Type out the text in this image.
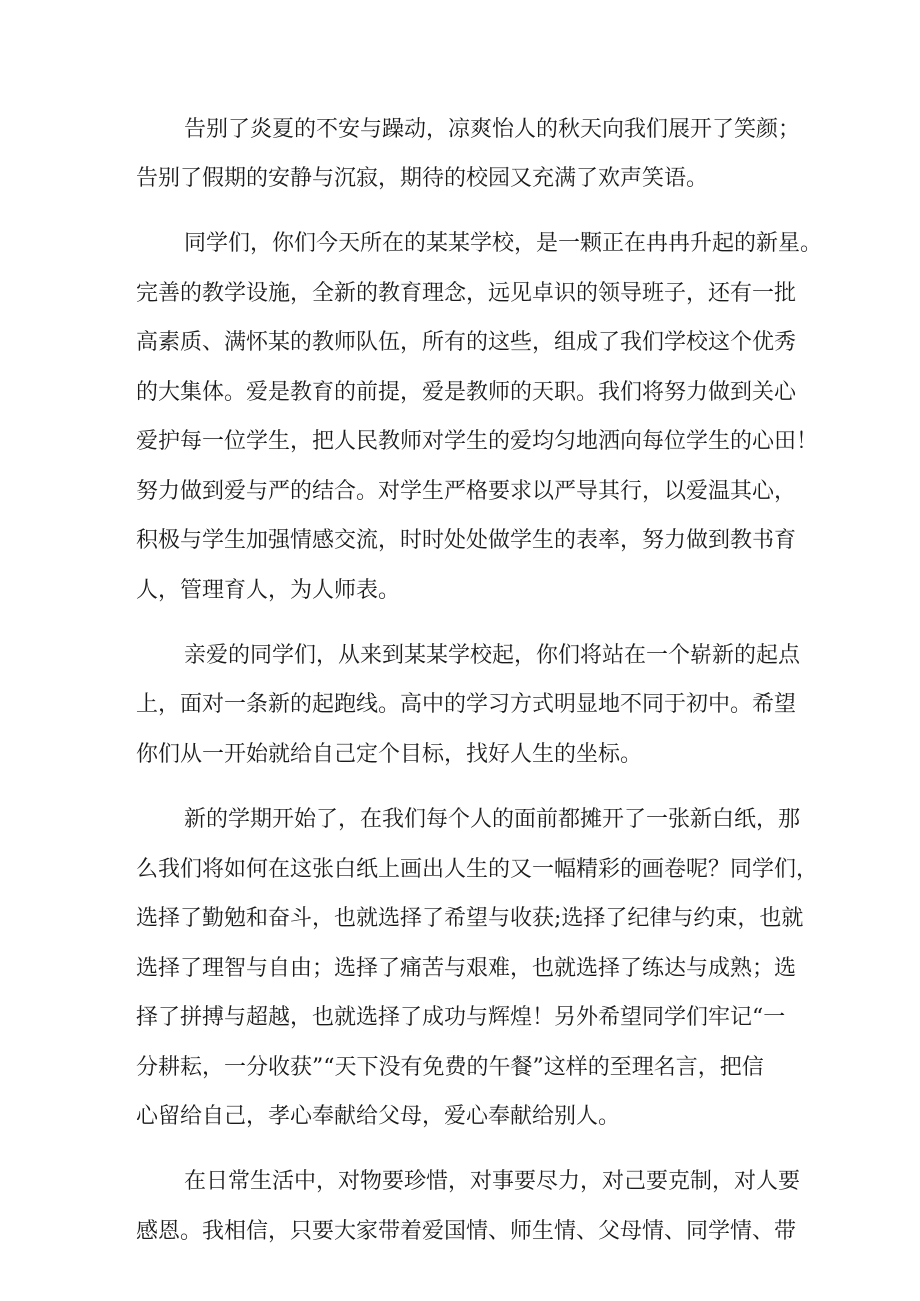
告别了炎夏的不安与躁动，凉爽怡人的秋天向我们展开了笑颜；
告别了假期的安静与沉寂，期待的校园又充满了欢声笑语。
同学们，你们今天所在的某某学校，是一颗正在冉冉升起的新星。
完善的教学设施，全新的教育理念，远见卓识的领导班子，还有一批
高素质、满怀某的教师队伍，所有的这些，组成了我们学校这个优秀
的大集体。爱是教育的前提，爱是教师的天职。我们将努力做到关心
爱护每一位学生，把人民教师对学生的爱均匀地洒向每位学生的心田！
努力做到爱与严的结合。对学生严格要求以严导其行，以爱温其心，
积极与学生加强情感交流，时时处处做学生的表率，努力做到教书育
人，管理育人，为人师表。
亲爱的同学们，从来到某某学校起，你们将站在一个崭新的起点
上，面对一条新的起跑线。高中的学习方式明显地不同于初中。希望
你们从一开始就给自己定个目标，找好人生的坐标。
新的学期开始了，在我们每个人的面前都摊开了一张新白纸，那
么我们将如何在这张白纸上画出人生的又一幅精彩的画卷呢？同学们，
选择了勤勉和奋斗，也就选择了希望与收获;选择了纪律与约束，也就
选择了理智与自由；选择了痛苦与艰难，也就选择了练达与成熟；选
择了拼搏与超越，也就选择了成功与辉煌！另外希望同学们牢记“一
分耕耘，一分收获”“天下没有免费的午餐”这样的至理名言，把信
心留给自己，孝心奉献给父母，爱心奉献给别人。
在日常生活中，对物要珍惜，对事要尽力，对己要克制，对人要
感恩。我相信，只要大家带着爱国情、师生情、父母情、同学情、带
